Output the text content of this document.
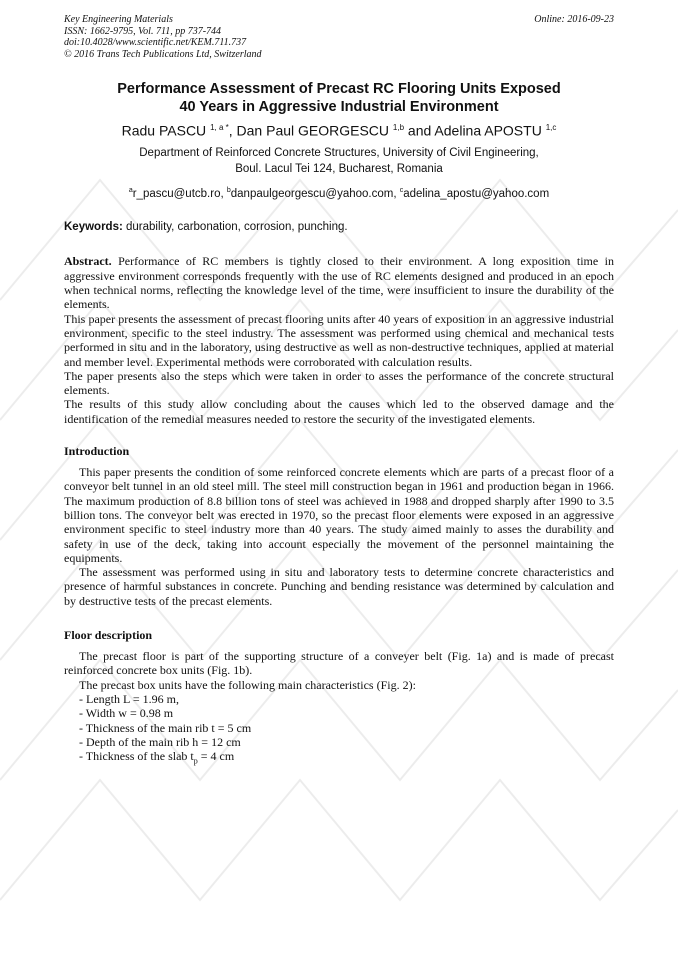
Key Engineering Materials
ISSN: 1662-9795, Vol. 711, pp 737-744
doi:10.4028/www.scientific.net/KEM.711.737
© 2016 Trans Tech Publications Ltd, Switzerland
Online: 2016-09-23
Performance Assessment of Precast RC Flooring Units Exposed
40 Years in Aggressive Industrial Environment
Radu PASCU $^{1, a *}$, Dan Paul GEORGESCU $^{1,b}$ and Adelina APOSTU $^{1,c}$
Department of Reinforced Concrete Structures, University of Civil Engineering,
Boul. Lacul Tei 124, Bucharest, Romania
$^a$r_pascu@utcb.ro, $^b$danpaulgeorgescu@yahoo.com, $^c$adelina_apostu@yahoo.com
Keywords: durability, carbonation, corrosion, punching.

Abstract. Performance of RC members is tightly closed to their environment. A long exposition time in aggressive environment corresponds frequently with the use of RC elements designed and produced in an epoch when technical norms, reflecting the knowledge level of the time, were insufficient to insure the durability of the elements.

This paper presents the assessment of precast flooring units after 40 years of exposition in an aggressive industrial environment, specific to the steel industry. The assessment was performed using chemical and mechanical tests performed in situ and in the laboratory, using destructive as well as non-destructive techniques, applied at material and member level. Experimental methods were corroborated with calculation results.

The paper presents also the steps which were taken in order to asses the performance of the concrete structural elements.

The results of this study allow concluding about the causes which led to the observed damage and the identification of the remedial measures needed to restore the security of the investigated elements.

Introduction

This paper presents the condition of some reinforced concrete elements which are parts of a precast floor of a conveyor belt tunnel in an old steel mill. The steel mill construction began in 1961 and production began in 1966. The maximum production of 8.8 billion tons of steel was achieved in 1988 and dropped sharply after 1990 to 3.5 billion tons. The conveyor belt was erected in 1970, so the precast floor elements were exposed in an aggressive environment specific to steel industry more than 40 years. The study aimed mainly to asses the durability and safety in use of the deck, taking into account especially the movement of the personnel maintaining the equipments.

The assessment was performed using in situ and laboratory tests to determine concrete characteristics and presence of harmful substances in concrete. Punching and bending resistance was determined by calculation and by destructive tests of the precast elements.

Floor description

The precast floor is part of the supporting structure of a conveyer belt (Fig. 1a) and is made of precast reinforced concrete box units (Fig. 1b).

The precast box units have the following main characteristics (Fig. 2):

- Length L = 1.96 m,
- Width w = 0.98 m
- Thickness of the main rib t = 5 cm
- Depth of the main rib h = 12 cm
- Thickness of the slab $t_p = 4$ cm
